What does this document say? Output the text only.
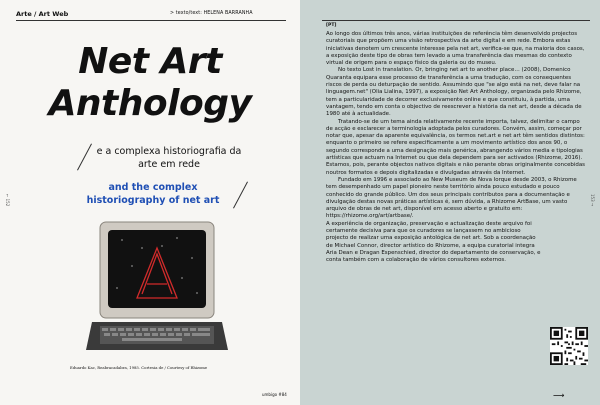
Arte / Art Web	> texto/text: HELENA BARRANHA
Net Art
Anthology
e a complexa historiografia da arte em rede
and the complex historiography of net art
← 152	153 →
Eduardo Kac, Reabracadabra, 1985. Cortesia de / Courtesy of Rhizome
umbigo #84
[PT]

Ao longo dos últimos três anos, várias instituições de referência têm desenvolvido projectos curatoriais que propõem uma visão retrospectiva da arte digital e em rede. Embora estas iniciativas denotem um crescente interesse pela net art, verifica-se que, na maioria dos casos, a exposição deste tipo de obras tem levado a uma transferência das mesmas do contexto virtual de origem para o espaço físico da galeria ou do museu.

No texto Lost in translation. Or, bringing net art to another place… (2008), Domenico Quaranta equipara esse processo de transferência a uma tradução, com os consequentes riscos de perda ou deturpação de sentido. Assumindo que "se algo está na net, deve falar na linguagem.net" (Olia Lialina, 1997), a exposição Net Art Anthology, organizada pelo Rhizome, tem a particularidade de decorrer exclusivamente online e que constituiu, à partida, uma vantagem, tendo em conta o objectivo de reescrever a história da net art, desde a década de 1980 até à actualidade.

Tratando-se de um tema ainda relativamente recente importa, talvez, delimitar o campo de acção e esclarecer a terminologia adoptada pelos curadores. Convém, assim, começar por notar que, apesar da aparente equivalência, os termos net.art e net art têm sentidos distintos: enquanto o primeiro se refere especificamente a um movimento artístico dos anos 90, o segundo corresponde a uma designação mais genérica, abrangendo vários media e tipologias artísticas que actuam na Internet ou que dela dependem para ser activados (Rhizome, 2016). Estamos, pois, perante objectos nativos digitais e não perante obras originalmente concebidas noutros formatos e depois digitalizadas e divulgadas através da Internet.

Fundado em 1996 e associado ao New Museum de Nova Iorque desde 2003, o Rhizome tem desempenhado um papel pioneiro neste território ainda pouco estudado e pouco conhecido do grande público. Um dos seus principais contributos para a documentação e divulgação destas novas práticas artísticas é, sem dúvida, a Rhizome ArtBase, um vasto arquivo de obras de net art, disponível em acesso aberto e gratuito em: https://rhizome.org/art/artbase/.

A experiência de organização, preservação e actualização deste arquivo foi certamente decisiva para que os curadores se lançassem no ambicioso projecto de realizar uma exposição antológica de net art. Sob a coordenação de Michael Connor, director artístico do Rhizome, a equipa curatorial integra Aria Dean e Dragan Espenschied, director do departamento de conservação, e conta também com a colaboração de vários consultores externos.

⟶
